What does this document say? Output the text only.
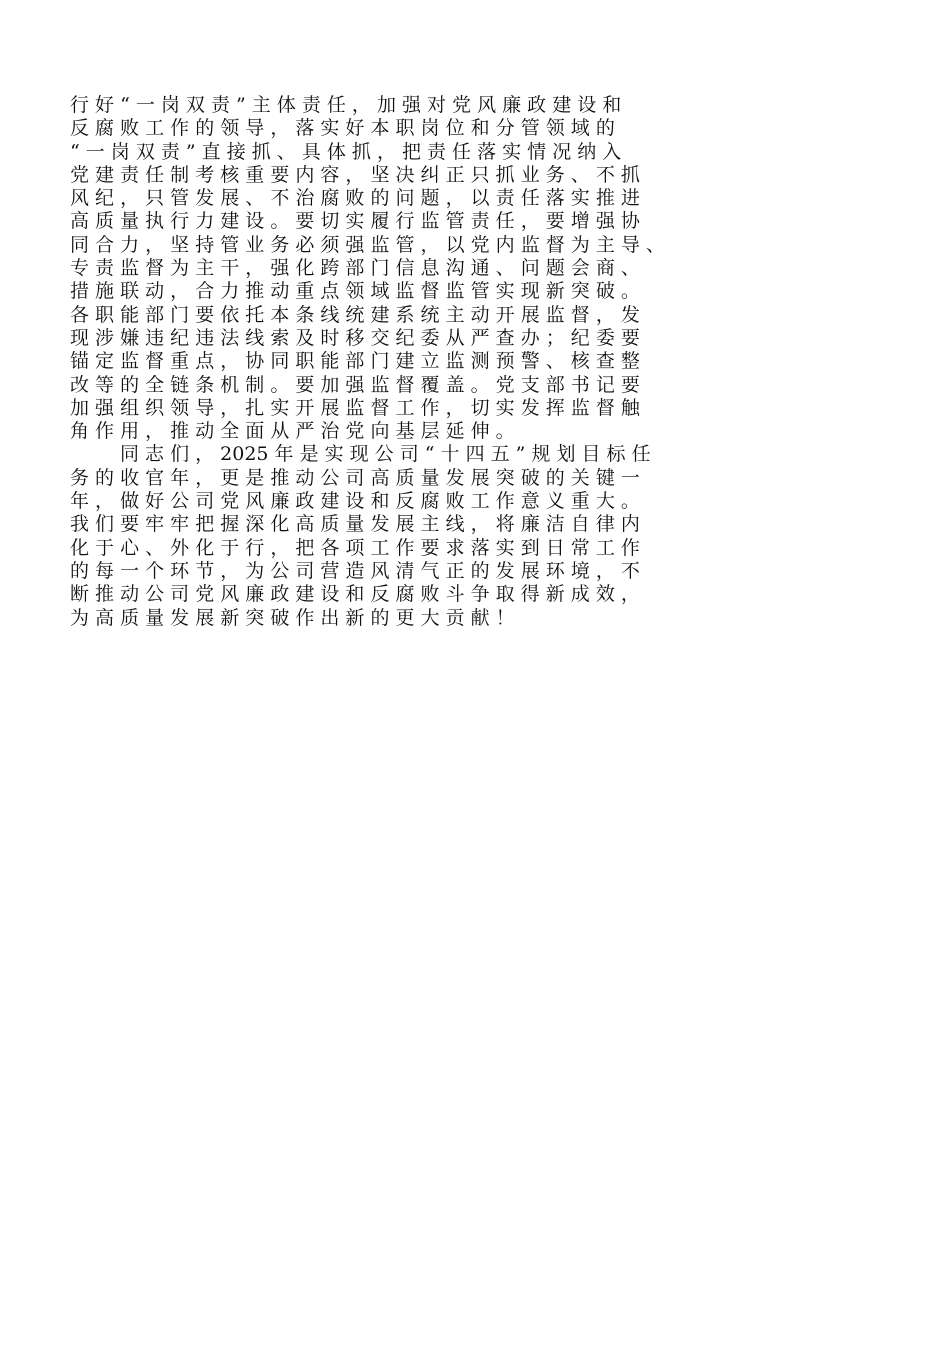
行 好 “ 一 岗 双 责 ” 主 体 责 任 ， 加 强 对 党 风 廉 政 建 设 和
反 腐 败 工 作 的 领 导 ， 落 实 好 本 职 岗 位 和 分 管 领 域 的
“ 一 岗 双 责 ” 直 接 抓 、 具 体 抓 ， 把 责 任 落 实 情 况 纳 入
党 建 责 任 制 考 核 重 要 内 容 ， 坚 决 纠 正 只 抓 业 务 、 不 抓
风 纪 ， 只 管 发 展 、 不 治 腐 败 的 问 题 ， 以 责 任 落 实 推 进
高 质 量 执 行 力 建 设 。 要 切 实 履 行 监 管 责 任 ， 要 增 强 协
同 合 力 ， 坚 持 管 业 务 必 须 强 监 管 ， 以 党 内 监 督 为 主 导 、
专 责 监 督 为 主 干 ， 强 化 跨 部 门 信 息 沟 通 、 问 题 会 商 、
措 施 联 动 ， 合 力 推 动 重 点 领 域 监 督 监 管 实 现 新 突 破 。
各 职 能 部 门 要 依 托 本 条 线 统 建 系 统 主 动 开 展 监 督 ， 发
现 涉 嫌 违 纪 违 法 线 索 及 时 移 交 纪 委 从 严 查 办 ； 纪 委 要
锚 定 监 督 重 点 ， 协 同 职 能 部 门 建 立 监 测 预 警 、 核 查 整
改 等 的 全 链 条 机 制 。 要 加 强 监 督 覆 盖 。 党 支 部 书 记 要
加 强 组 织 领 导 ， 扎 实 开 展 监 督 工 作 ， 切 实 发 挥 监 督 触
角 作 用 ， 推 动 全 面 从 严 治 党 向 基 层 延 伸 。
同 志 们 ， 2025 年 是 实 现 公 司 “ 十 四 五 ” 规 划 目 标 任
务 的 收 官 年 ， 更 是 推 动 公 司 高 质 量 发 展 突 破 的 关 键 一
年 ， 做 好 公 司 党 风 廉 政 建 设 和 反 腐 败 工 作 意 义 重 大 。
我 们 要 牢 牢 把 握 深 化 高 质 量 发 展 主 线 ， 将 廉 洁 自 律 内
化 于 心 、 外 化 于 行 ， 把 各 项 工 作 要 求 落 实 到 日 常 工 作
的 每 一 个 环 节 ， 为 公 司 营 造 风 清 气 正 的 发 展 环 境 ， 不
断 推 动 公 司 党 风 廉 政 建 设 和 反 腐 败 斗 争 取 得 新 成 效 ，
为 高 质 量 发 展 新 突 破 作 出 新 的 更 大 贡 献 ！
